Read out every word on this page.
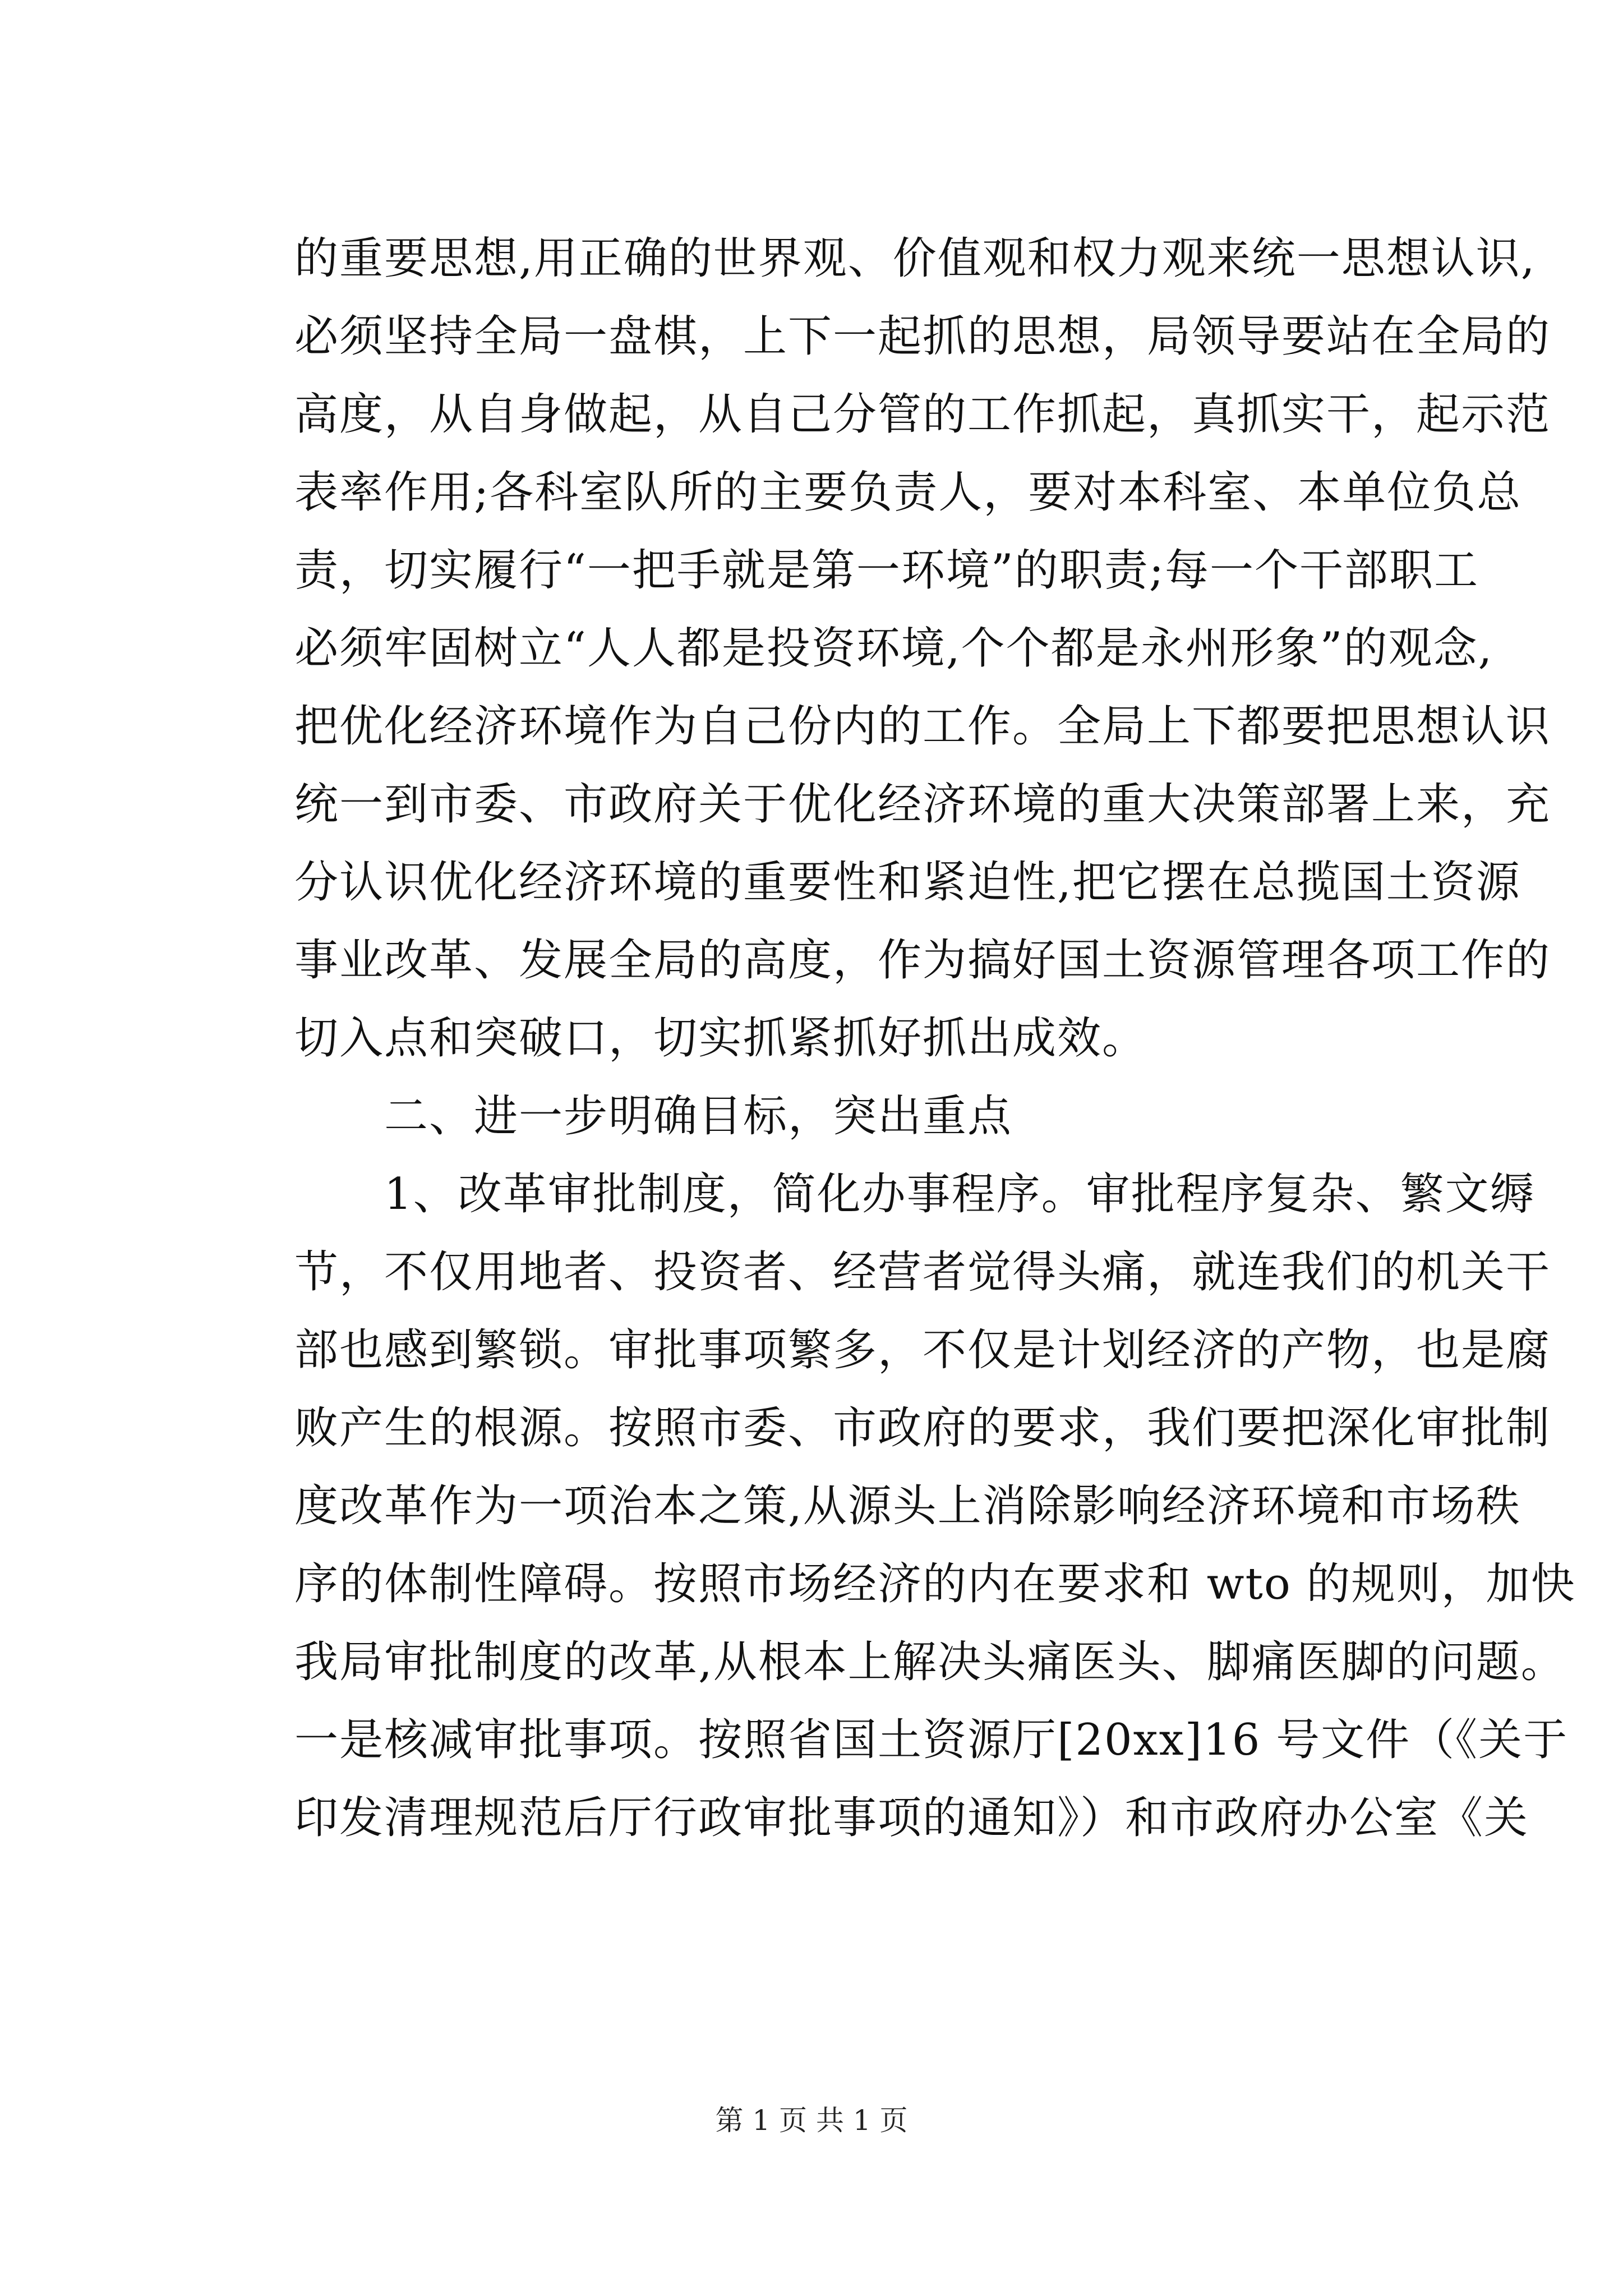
的重要思想,用正确的世界观、价值观和权力观来统一思想认识,
必须坚持全局一盘棋，上下一起抓的思想，局领导要站在全局的
高度，从自身做起，从自己分管的工作抓起，真抓实干，起示范
表率作用;各科室队所的主要负责人，要对本科室、本单位负总
责，切实履行“一把手就是第一环境”的职责;每一个干部职工
必须牢固树立“人人都是投资环境,个个都是永州形象”的观念,
把优化经济环境作为自己份内的工作。全局上下都要把思想认识
统一到市委、市政府关于优化经济环境的重大决策部署上来，充
分认识优化经济环境的重要性和紧迫性,把它摆在总揽国土资源
事业改革、发展全局的高度，作为搞好国土资源管理各项工作的
切入点和突破口，切实抓紧抓好抓出成效。
二、进一步明确目标，突出重点
1、改革审批制度，简化办事程序。审批程序复杂、繁文缛
节，不仅用地者、投资者、经营者觉得头痛，就连我们的机关干
部也感到繁锁。审批事项繁多，不仅是计划经济的产物，也是腐
败产生的根源。按照市委、市政府的要求，我们要把深化审批制
度改革作为一项治本之策,从源头上消除影响经济环境和市场秩
序的体制性障碍。按照市场经济的内在要求和 wto 的规则，加快
我局审批制度的改革,从根本上解决头痛医头、脚痛医脚的问题。
一是核减审批事项。按照省国土资源厅[20xx]16 号文件（《关于
印发清理规范后厅行政审批事项的通知》）和市政府办公室《关
第 1 页 共 1 页
